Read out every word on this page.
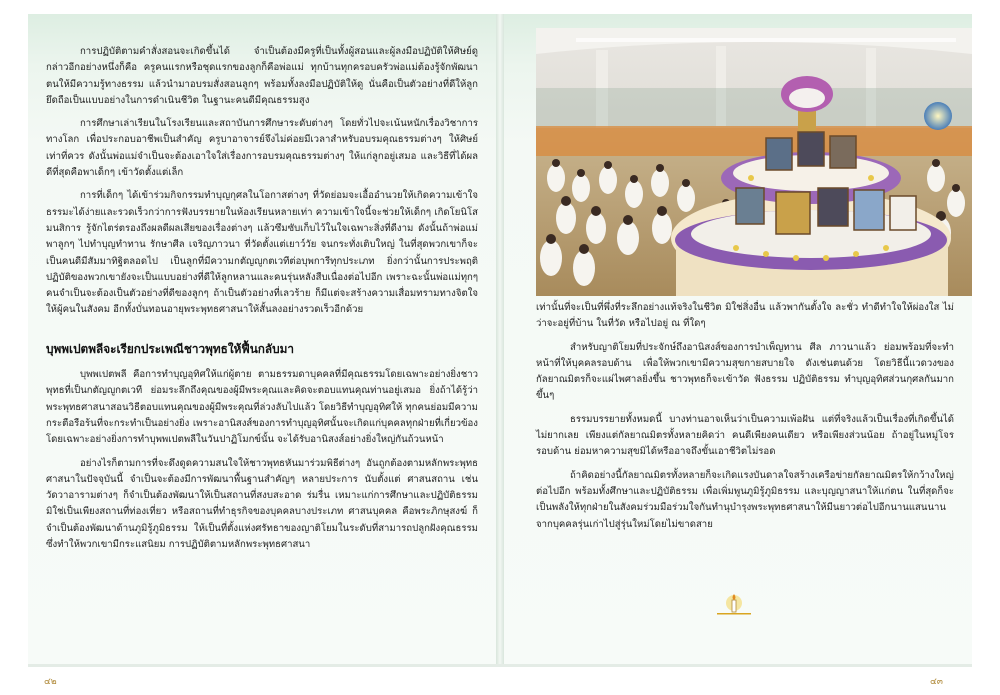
การปฏิบัติตามคำสั่งสอนจะเกิดขึ้นได้ จำเป็นต้องมีครูที่เป็นทั้งผู้สอนและผู้ลงมือปฏิบัติให้ศิษย์ดู กล่าวอีกอย่างหนึ่งก็คือ ครูคนแรกหรือชุดแรกของลูกก็คือพ่อแม่ ทุกบ้านทุกครอบครัวพ่อแม่ต้องรู้จักพัฒนาตนให้มีความรู้ทางธรรม แล้วนำมาอบรมสั่งสอนลูกๆ พร้อมทั้งลงมือปฏิบัติให้ดู นั่นคือเป็นตัวอย่างที่ดีให้ลูกยึดถือเป็นแบบอย่างในการดำเนินชีวิต ในฐานะคนดีมีคุณธรรมสูง

การศึกษาเล่าเรียนในโรงเรียนและสถาบันการศึกษาระดับต่างๆ โดยทั่วไปจะเน้นหนักเรื่องวิชาการทางโลก เพื่อประกอบอาชีพเป็นสำคัญ ครูบาอาจารย์จึงไม่ค่อยมีเวลาสำหรับอบรมคุณธรรมต่างๆ ให้ศิษย์เท่าที่ควร ดังนั้นพ่อแม่จำเป็นจะต้องเอาใจใส่เรื่องการอบรมคุณธรรมต่างๆ ให้แก่ลูกอยู่เสมอ และวิธีที่ได้ผลดีที่สุดคือพาเด็กๆ เข้าวัดตั้งแต่เล็ก

การที่เด็กๆ ได้เข้าร่วมกิจกรรมทำบุญกุศลในโอกาสต่างๆ ที่วัดย่อมจะเอื้ออำนวยให้เกิดความเข้าใจธรรมะได้ง่ายและรวดเร็วกว่าการฟังบรรยายในห้องเรียนหลายเท่า ความเข้าใจนี้จะช่วยให้เด็กๆ เกิดโยนิโสมนสิการ รู้จักไตร่ตรองถึงผลดีผลเสียของเรื่องต่างๆ แล้วซึมซับเก็บไว้ในใจเฉพาะสิ่งที่ดีงาม ดังนั้นถ้าพ่อแม่พาลูกๆ ไปทำบุญทำทาน รักษาศีล เจริญภาวนา ที่วัดตั้งแต่เยาว์วัย จนกระทั่งเติบใหญ่ ในที่สุดพวกเขาก็จะเป็นคนดีมีสัมมาทิฐิตลอดไป เป็นลูกที่มีความกตัญญูกตเวทีต่อบุพการีทุกประเภท ยิ่งกว่านั้นการประพฤติปฏิบัติของพวกเขายังจะเป็นแบบอย่างที่ดีให้ลูกหลานและคนรุ่นหลังสืบเนื่องต่อไปอีก เพราะฉะนั้นพ่อแม่ทุกๆ คนจำเป็นจะต้องเป็นตัวอย่างที่ดีของลูกๆ ถ้าเป็นตัวอย่างที่เลวร้าย ก็มีแต่จะสร้างความเสื่อมทรามทางจิตใจให้ผู้คนในสังคม อีกทั้งบั่นทอนอายุพระพุทธศาสนาให้สั้นลงอย่างรวดเร็วอีกด้วย

บุพพเปตพลีจะเรียกประเพณีชาวพุทธให้ฟื้นกลับมา

บุพพเปตพลี คือการทำบุญอุทิศให้แก่ผู้ตาย ตามธรรมดาบุคคลที่มีคุณธรรมโดยเฉพาะอย่างยิ่งชาวพุทธที่เป็นกตัญญูกตเวที ย่อมระลึกถึงคุณของผู้มีพระคุณและคิดจะตอบแทนคุณท่านอยู่เสมอ ยิ่งถ้าได้รู้ว่าพระพุทธศาสนาสอนวิธีตอบแทนคุณของผู้มีพระคุณที่ล่วงลับไปแล้ว โดยวิธีทำบุญอุทิศให้ ทุกคนย่อมมีความกระตือรือร้นที่จะกระทำเป็นอย่างยิ่ง เพราะอานิสงส์ของการทำบุญอุทิศนั้นจะเกิดแก่บุคคลทุกฝ่ายที่เกี่ยวข้อง โดยเฉพาะอย่างยิ่งการทำบุพพเปตพลีในวันปาฏิโมกข์นั้น จะได้รับอานิสงส์อย่างยิ่งใหญ่กันถ้วนหน้า

อย่างไรก็ตามการที่จะดึงดูดความสนใจให้ชาวพุทธหันมาร่วมพิธีต่างๆ อันถูกต้องตามหลักพระพุทธศาสนาในปัจจุบันนี้ จำเป็นจะต้องมีการพัฒนาพื้นฐานสำคัญๆ หลายประการ นับตั้งแต่ ศาสนสถาน เช่นวัดวาอารามต่างๆ ก็จำเป็นต้องพัฒนาให้เป็นสถานที่สงบสะอาด ร่มรื่น เหมาะแก่การศึกษาและปฏิบัติธรรม มิใช่เป็นเพียงสถานที่ท่องเที่ยว หรือสถานที่ทำธุรกิจของบุคคลบางประเภท ศาสนบุคคล คือพระภิกษุสงฆ์ ก็จำเป็นต้องพัฒนาด้านภูมิรู้ภูมิธรรม ให้เป็นที่ตั้งแห่งศรัทธาของญาติโยมในระดับที่สามารถปลูกฝังคุณธรรมซึ่งทำให้พวกเขามีกระแสนิยม การปฏิบัติตามหลักพระพุทธศาสนา

เท่านั้นที่จะเป็นที่พึ่งที่ระลึกอย่างแท้จริงในชีวิต มิใช่สิ่งอื่น แล้วพากันตั้งใจ ละชั่ว ทำดีทำใจให้ผ่องใส ไม่ว่าจะอยู่ที่บ้าน ในที่วัด หรือไปอยู่ ณ ที่ใดๆ

สำหรับญาติโยมที่ประจักษ์ถึงอานิสงส์ของการบำเพ็ญทาน ศีล ภาวนาแล้ว ย่อมพร้อมที่จะทำหน้าที่ให้บุคคลรอบด้าน เพื่อให้พวกเขามีความสุขกายสบายใจ ดังเช่นตนด้วย โดยวิธีนี้แวดวงของกัลยาณมิตรก็จะแผ่ไพศาลยิ่งขึ้น ชาวพุทธก็จะเข้าวัด ฟังธรรม ปฏิบัติธรรม ทำบุญอุทิศส่วนกุศลกันมากขึ้นๆ

ธรรมบรรยายทั้งหมดนี้ บางท่านอาจเห็นว่าเป็นความเพ้อฝัน แต่ที่จริงแล้วเป็นเรื่องที่เกิดขึ้นได้ไม่ยากเลย เพียงแต่กัลยาณมิตรทั้งหลายคิดว่า คนดีเพียงคนเดียว หรือเพียงส่วนน้อย ถ้าอยู่ในหมู่โจรรอบด้าน ย่อมหาความสุขมิได้หรืออาจถึงขั้นเอาชีวิตไม่รอด

ถ้าคิดอย่างนี้กัลยาณมิตรทั้งหลายก็จะเกิดแรงบันดาลใจสร้างเครือข่ายกัลยาณมิตรให้กว้างใหญ่ต่อไปอีก พร้อมทั้งศึกษาและปฏิบัติธรรม เพื่อเพิ่มพูนภูมิรู้ภูมิธรรม และบุญญาสนาให้แก่ตน ในที่สุดก็จะเป็นพลังให้ทุกฝ่ายในสังคมร่วมมือร่วมใจกันทำนุบำรุงพระพุทธศาสนาให้มีนยาวต่อไปอีกนานแสนนาน จากบุคคลรุ่นเก่าไปสู่รุ่นใหม่โดยไม่ขาดสาย

๔๒	๔๓
